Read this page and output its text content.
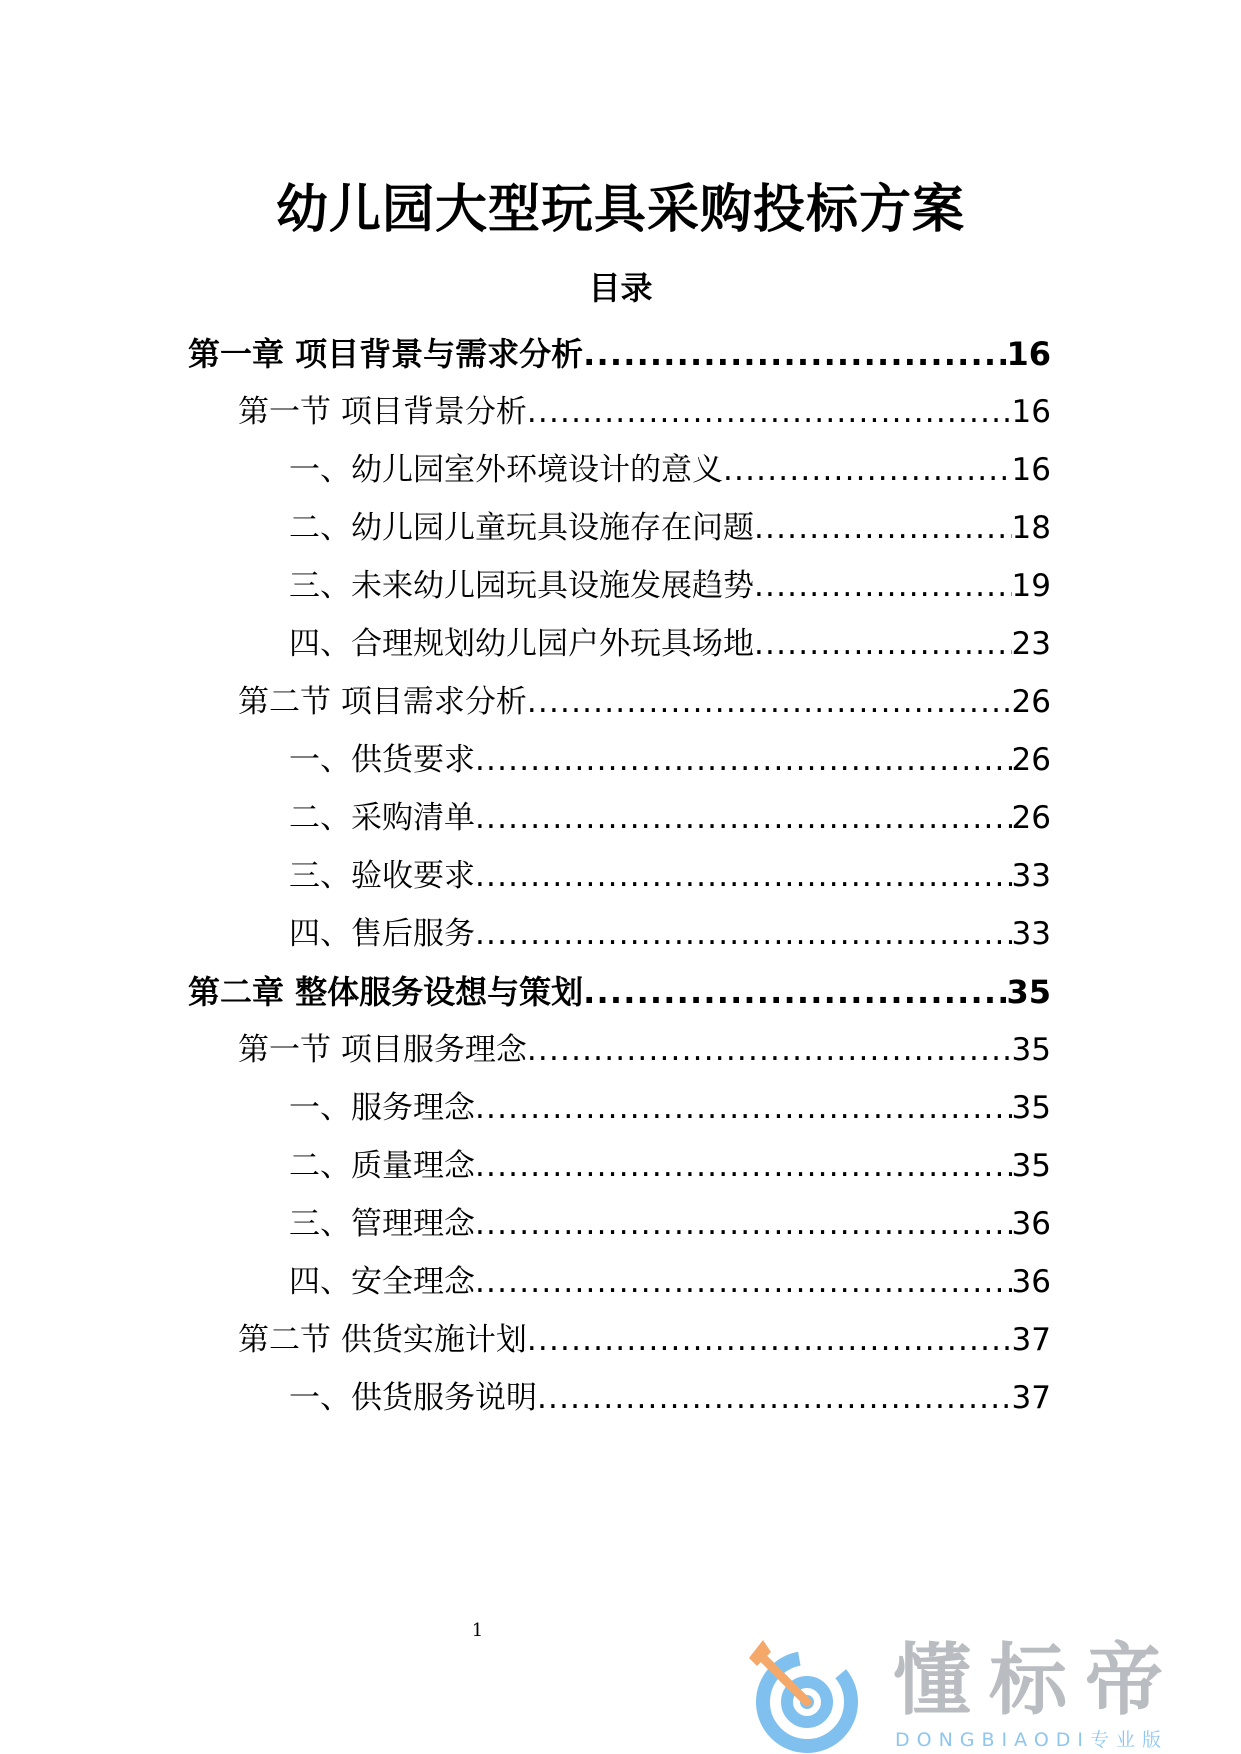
幼儿园大型玩具采购投标方案
目录
第一章 项目背景与需求分析 .....	16
第一节 项目背景分析 .....	16
一、幼儿园室外环境设计的意义 .....	16
二、幼儿园儿童玩具设施存在问题 .....	18
三、未来幼儿园玩具设施发展趋势 .....	19
四、合理规划幼儿园户外玩具场地 .....	23
第二节 项目需求分析 .....	26
一、供货要求 .....	26
二、采购清单 .....	26
三、验收要求 .....	33
四、售后服务 .....	33
第二章 整体服务设想与策划 .....	35
第一节 项目服务理念 .....	35
一、服务理念 .....	35
二、质量理念 .....	35
三、管理理念 .....	36
四、安全理念 .....	36
第二节 供货实施计划 .....	37
一、供货服务说明 .....	37
1
懂标帝
DONGBIAODI专业版
